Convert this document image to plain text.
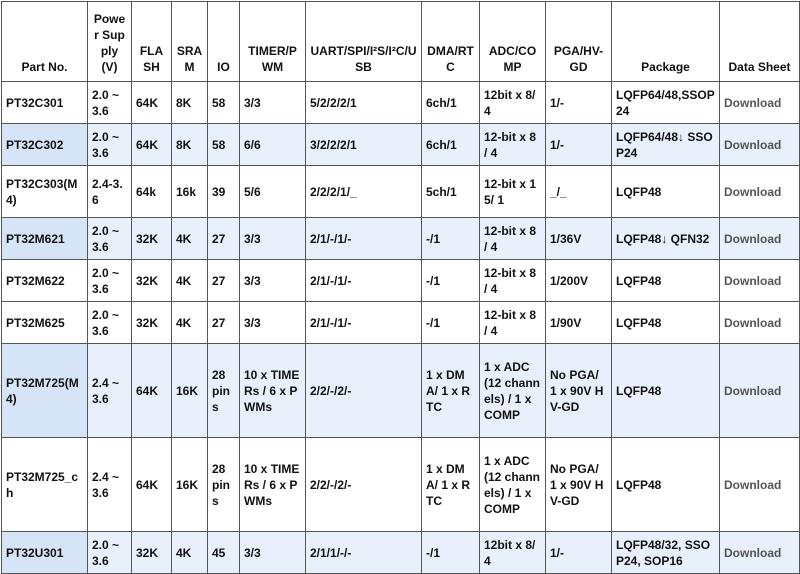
Part No.	Power Supply (V)	FLASH	SRAM	IO	TIMER/PWM	UART/SPI/I²S/I²C/USB	DMA/RTC	ADC/COMP	PGA/HV-GD	Package	Data Sheet
PT32C301	2.0 ~ 3.6	64K	8K	58	3/3	5/2/2/2/1	6ch/1	12bit x 8/4	1/-	LQFP64/48,SSOP24	Download
PT32C302	2.0 ~ 3.6	64K	8K	58	6/6	3/2/2/2/1	6ch/1	12-bit x 8 / 4	1/-	LQFP64/48↓ SSOP24	Download
PT32C303(M4)	2.4-3.6	64k	16k	39	5/6	2/2/2/1/_	5ch/1	12-bit x 15/ 1	_/_	LQFP48	Download
PT32M621	2.0 ~ 3.6	32K	4K	27	3/3	2/1/-/1/-	-/1	12-bit x 8 / 4	1/36V	LQFP48↓ QFN32	Download
PT32M622	2.0 ~ 3.6	32K	4K	27	3/3	2/1/-/1/-	-/1	12-bit x 8 / 4	1/200V	LQFP48	Download
PT32M625	2.0 ~ 3.6	32K	4K	27	3/3	2/1/-/1/-	-/1	12-bit x 8 / 4	1/90V	LQFP48	Download
PT32M725(M4)	2.4 ~ 3.6	64K	16K	28 pins	10 x TIMERs / 6 x PWMs	2/2/-/2/-	1 x DMA/ 1 x RTC	1 x ADC (12 channels) / 1 x COMP	No PGA/ 1 x 90V HV-GD	LQFP48	Download
PT32M725_ch	2.4 ~ 3.6	64K	16K	28 pins	10 x TIMERs / 6 x PWMs	2/2/-/2/-	1 x DMA/ 1 x RTC	1 x ADC (12 channels) / 1 x COMP	No PGA/ 1 x 90V HV-GD	LQFP48	Download
PT32U301	2.0 ~ 3.6	32K	4K	45	3/3	2/1/1/-/-	-/1	12bit x 8/4	1/-	LQFP48/32, SSOP24, SOP16	Download
